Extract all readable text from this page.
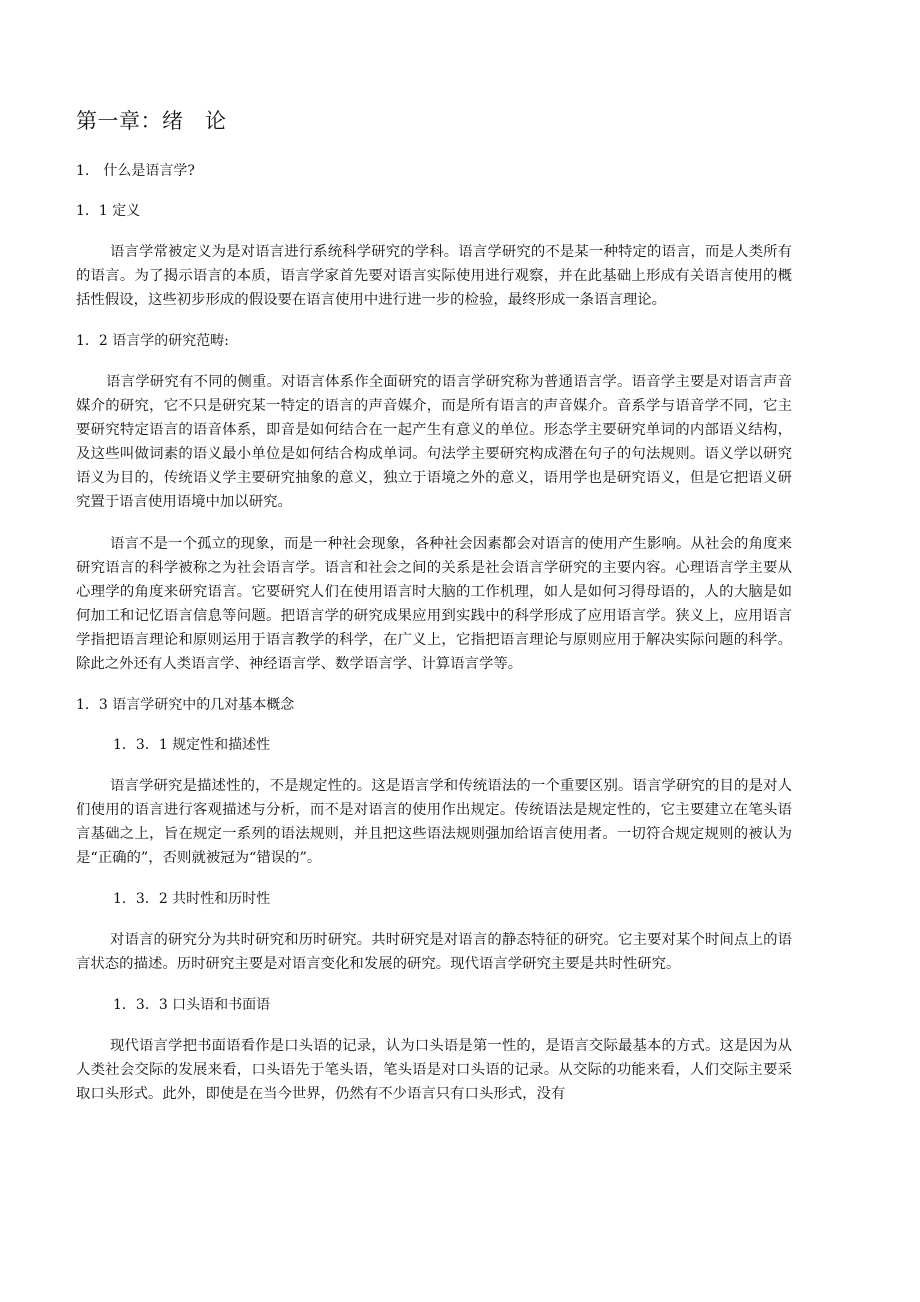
第一章：绪　论
1.　什么是语言学?
1．1 定义

语言学常被定义为是对语言进行系统科学研究的学科。语言学研究的不是某一种特定的语言，而是人类所有的语言。为了揭示语言的本质，语言学家首先要对语言实际使用进行观察，并在此基础上形成有关语言使用的概括性假设，这些初步形成的假设要在语言使用中进行进一步的检验，最终形成一条语言理论。

1．2 语言学的研究范畴:

语言学研究有不同的侧重。对语言体系作全面研究的语言学研究称为普通语言学。语音学主要是对语言声音媒介的研究，它不只是研究某一特定的语言的声音媒介，而是所有语言的声音媒介。音系学与语音学不同，它主要研究特定语言的语音体系，即音是如何结合在一起产生有意义的单位。形态学主要研究单词的内部语义结构，及这些叫做词素的语义最小单位是如何结合构成单词。句法学主要研究构成潜在句子的句法规则。语义学以研究语义为目的，传统语义学主要研究抽象的意义，独立于语境之外的意义，语用学也是研究语义，但是它把语义研究置于语言使用语境中加以研究。

语言不是一个孤立的现象，而是一种社会现象，各种社会因素都会对语言的使用产生影响。从社会的角度来研究语言的科学被称之为社会语言学。语言和社会之间的关系是社会语言学研究的主要内容。心理语言学主要从心理学的角度来研究语言。它要研究人们在使用语言时大脑的工作机理，如人是如何习得母语的，人的大脑是如何加工和记忆语言信息等问题。把语言学的研究成果应用到实践中的科学形成了应用语言学。狭义上，应用语言学指把语言理论和原则运用于语言教学的科学，在广义上，它指把语言理论与原则应用于解决实际问题的科学。除此之外还有人类语言学、神经语言学、数学语言学、计算语言学等。

1．3 语言学研究中的几对基本概念
1．3．1 规定性和描述性

语言学研究是描述性的，不是规定性的。这是语言学和传统语法的一个重要区别。语言学研究的目的是对人们使用的语言进行客观描述与分析，而不是对语言的使用作出规定。传统语法是规定性的，它主要建立在笔头语言基础之上，旨在规定一系列的语法规则，并且把这些语法规则强加给语言使用者。一切符合规定规则的被认为是“正确的”，否则就被冠为“错误的”。

1．3．2 共时性和历时性

对语言的研究分为共时研究和历时研究。共时研究是对语言的静态特征的研究。它主要对某个时间点上的语言状态的描述。历时研究主要是对语言变化和发展的研究。现代语言学研究主要是共时性研究。

1．3．3 口头语和书面语

现代语言学把书面语看作是口头语的记录，认为口头语是第一性的，是语言交际最基本的方式。这是因为从人类社会交际的发展来看，口头语先于笔头语，笔头语是对口头语的记录。从交际的功能来看，人们交际主要采取口头形式。此外，即使是在当今世界，仍然有不少语言只有口头形式，没有
